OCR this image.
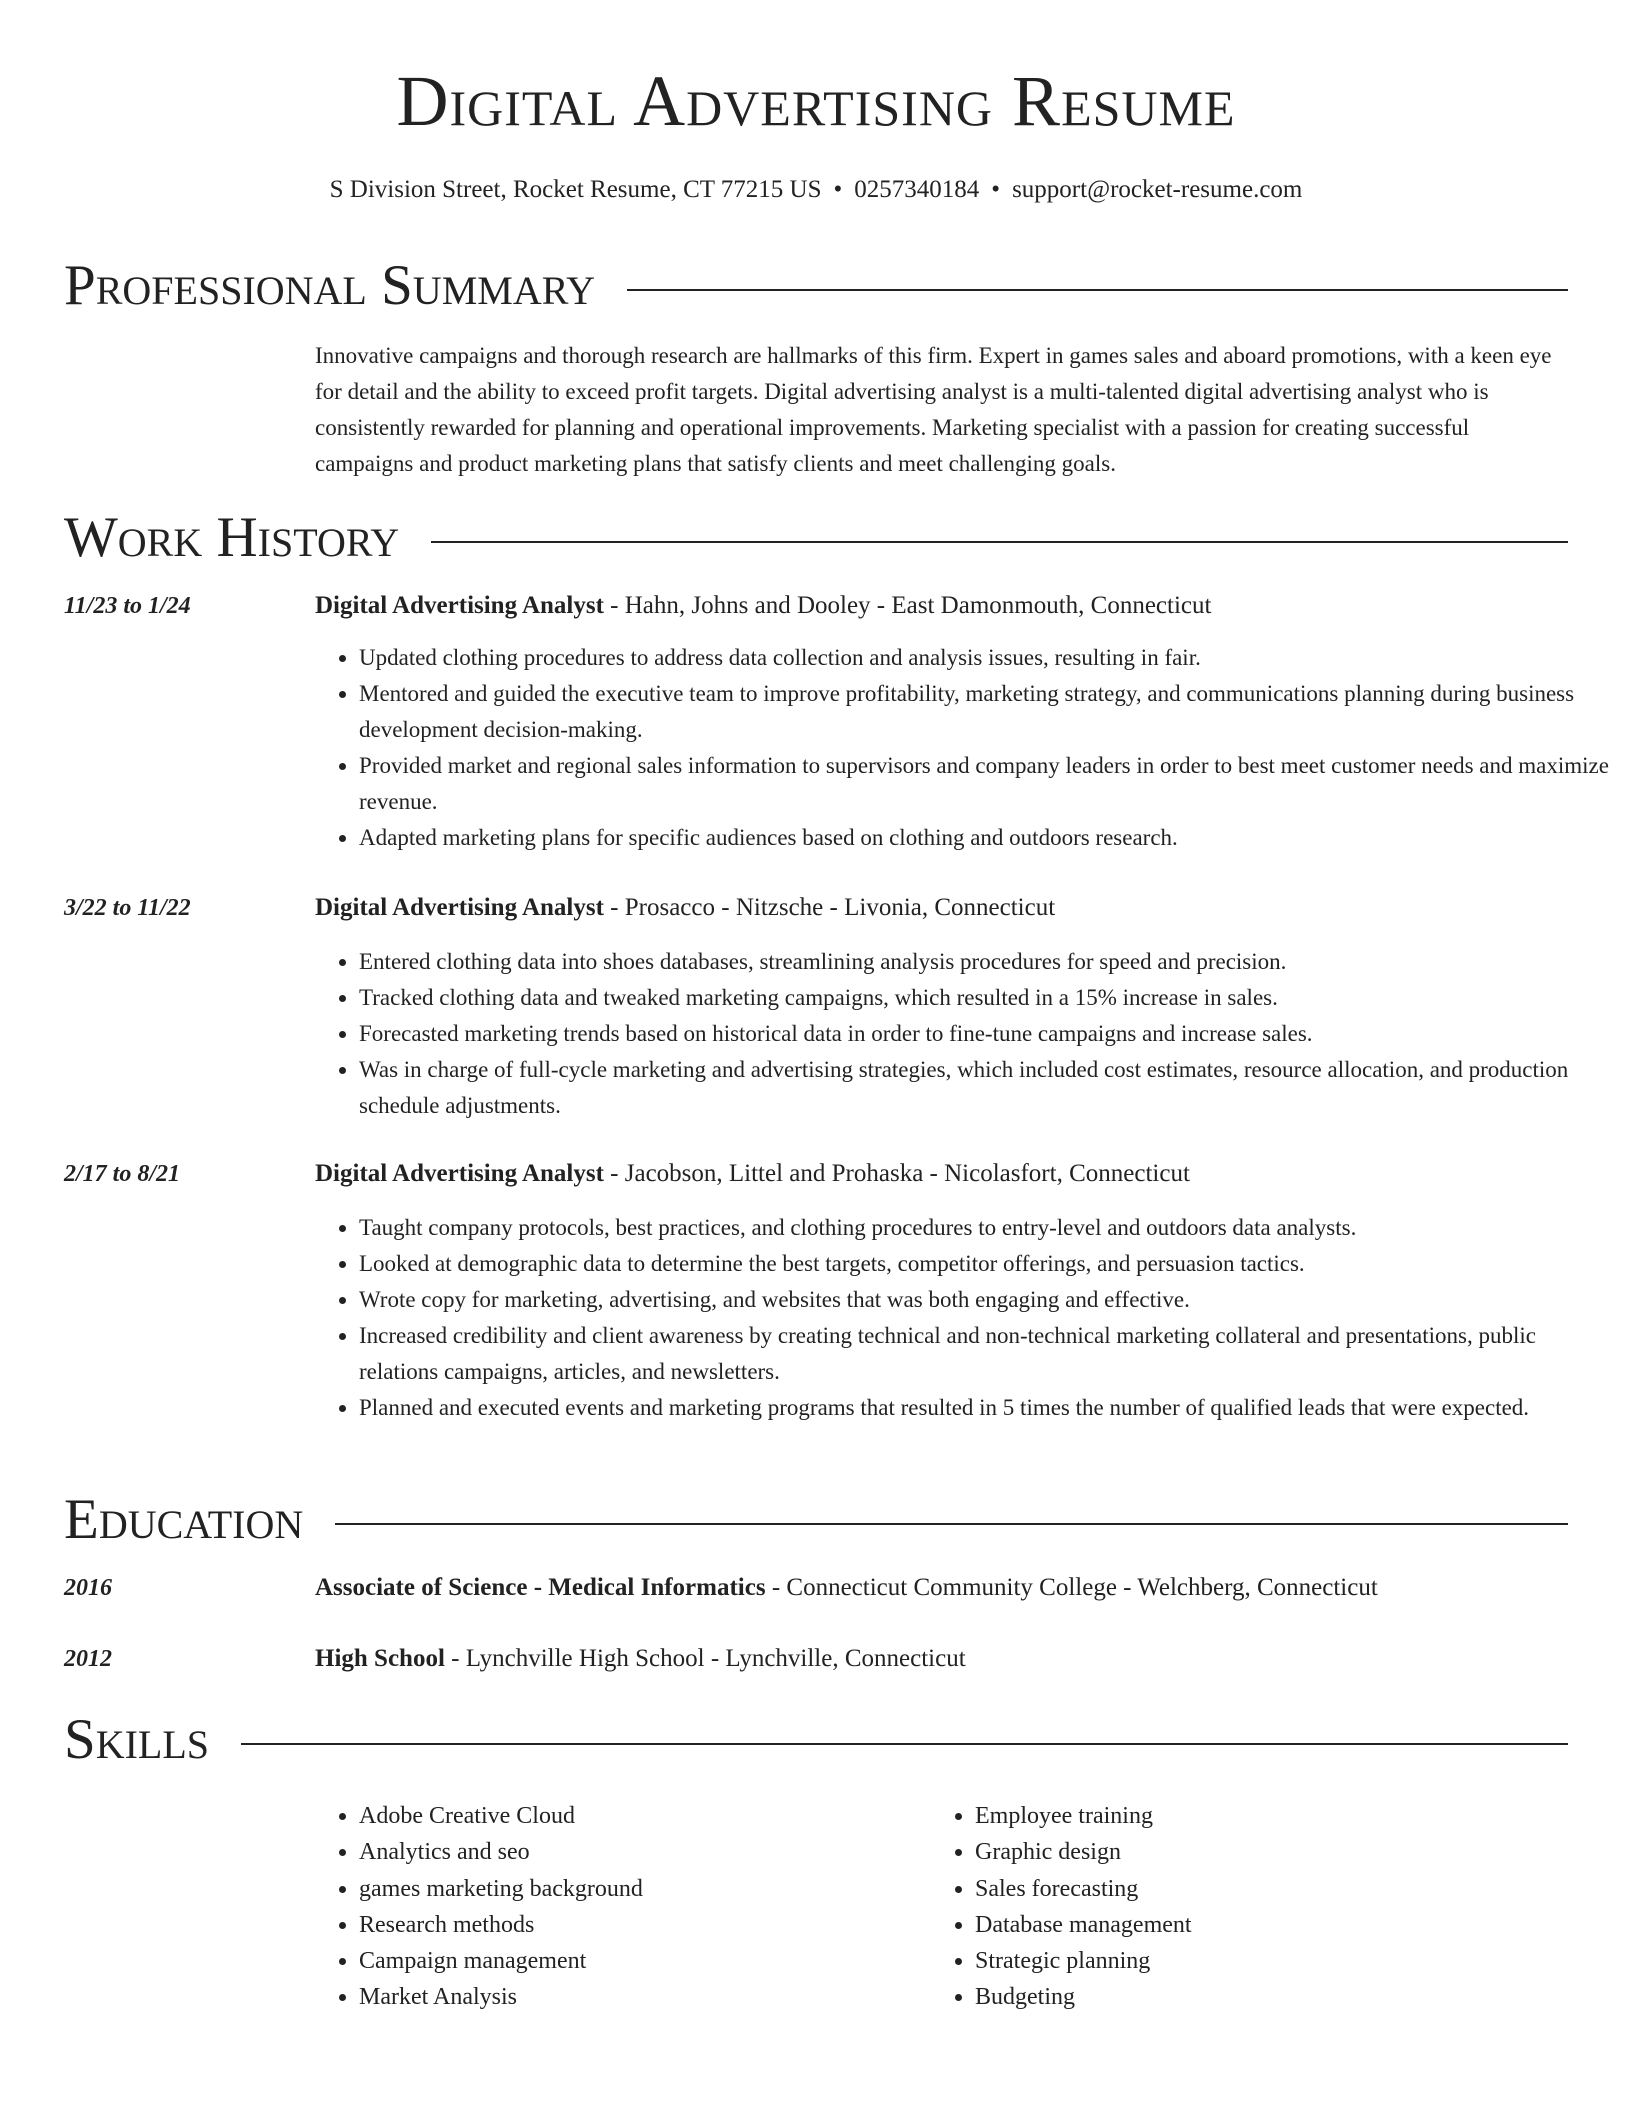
Digital Advertising Resume
S Division Street, Rocket Resume, CT 77215 US • 0257340184 • support@rocket-resume.com
Professional Summary

Innovative campaigns and thorough research are hallmarks of this firm. Expert in games sales and aboard promotions, with a keen eye for detail and the ability to exceed profit targets. Digital advertising analyst is a multi-talented digital advertising analyst who is consistently rewarded for planning and operational improvements. Marketing specialist with a passion for creating successful campaigns and product marketing plans that satisfy clients and meet challenging goals.

Work History
11/23 to 1/24	Digital Advertising Analyst - Hahn, Johns and Dooley - East Damonmouth, Connecticut
• Updated clothing procedures to address data collection and analysis issues, resulting in fair.
• Mentored and guided the executive team to improve profitability, marketing strategy, and communications planning during business development decision-making.
• Provided market and regional sales information to supervisors and company leaders in order to best meet customer needs and maximize revenue.
• Adapted marketing plans for specific audiences based on clothing and outdoors research.
3/22 to 11/22	Digital Advertising Analyst - Prosacco - Nitzsche - Livonia, Connecticut
• Entered clothing data into shoes databases, streamlining analysis procedures for speed and precision.
• Tracked clothing data and tweaked marketing campaigns, which resulted in a 15% increase in sales.
• Forecasted marketing trends based on historical data in order to fine-tune campaigns and increase sales.
• Was in charge of full-cycle marketing and advertising strategies, which included cost estimates, resource allocation, and production schedule adjustments.
2/17 to 8/21	Digital Advertising Analyst - Jacobson, Littel and Prohaska - Nicolasfort, Connecticut
• Taught company protocols, best practices, and clothing procedures to entry-level and outdoors data analysts.
• Looked at demographic data to determine the best targets, competitor offerings, and persuasion tactics.
• Wrote copy for marketing, advertising, and websites that was both engaging and effective.
• Increased credibility and client awareness by creating technical and non-technical marketing collateral and presentations, public relations campaigns, articles, and newsletters.
• Planned and executed events and marketing programs that resulted in 5 times the number of qualified leads that were expected.
Education
2016	Associate of Science - Medical Informatics - Connecticut Community College - Welchberg, Connecticut
2012	High School - Lynchville High School - Lynchville, Connecticut
Skills
• Adobe Creative Cloud
• Analytics and seo
• games marketing background
• Research methods
• Campaign management
• Market Analysis
• Employee training
• Graphic design
• Sales forecasting
• Database management
• Strategic planning
• Budgeting
